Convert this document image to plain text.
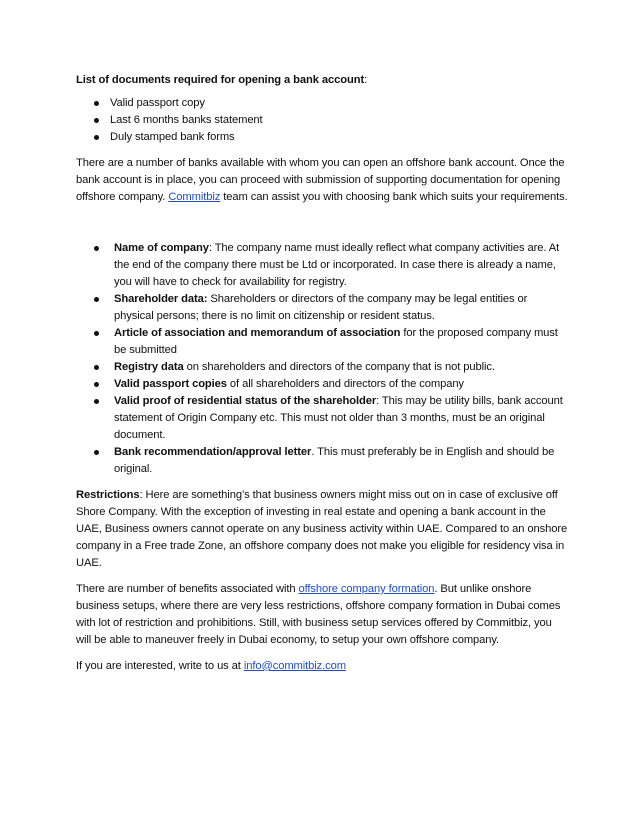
List of documents required for opening a bank account:

Valid passport copy
Last 6 months banks statement
Duly stamped bank forms

There are a number of banks available with whom you can open an offshore bank account. Once the bank account is in place, you can proceed with submission of supporting documentation for opening offshore company. Commitbiz team can assist you with choosing bank which suits your requirements.

Name of company: The company name must ideally reflect what company activities are. At the end of the company there must be Ltd or incorporated. In case there is already a name, you will have to check for availability for registry.
Shareholder data: Shareholders or directors of the company may be legal entities or physical persons; there is no limit on citizenship or resident status.
Article of association and memorandum of association for the proposed company must be submitted
Registry data on shareholders and directors of the company that is not public.
Valid passport copies of all shareholders and directors of the company
Valid proof of residential status of the shareholder: This may be utility bills, bank account statement of Origin Company etc. This must not older than 3 months, must be an original document.
Bank recommendation/approval letter. This must preferably be in English and should be original.

Restrictions: Here are something’s that business owners might miss out on in case of exclusive off Shore Company. With the exception of investing in real estate and opening a bank account in the UAE, Business owners cannot operate on any business activity within UAE. Compared to an onshore company in a Free trade Zone, an offshore company does not make you eligible for residency visa in UAE.

There are number of benefits associated with offshore company formation. But unlike onshore business setups, where there are very less restrictions, offshore company formation in Dubai comes with lot of restriction and prohibitions. Still, with business setup services offered by Commitbiz, you will be able to maneuver freely in Dubai economy, to setup your own offshore company.

If you are interested, write to us at info@commitbiz.com
